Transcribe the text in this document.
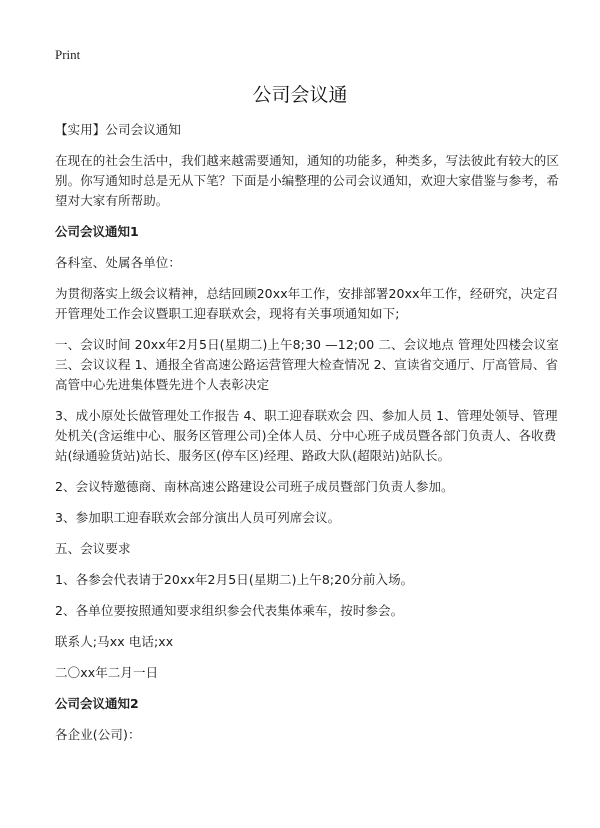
Print
公司会议通

【实用】公司会议通知

在现在的社会生活中，我们越来越需要通知，通知的功能多，种类多，写法彼此有较大的区别。你写通知时总是无从下笔？下面是小编整理的公司会议通知，欢迎大家借鉴与参考，希望对大家有所帮助。

公司会议通知1

各科室、处属各单位：

为贯彻落实上级会议精神，总结回顾20xx年工作，安排部署20xx年工作，经研究，决定召开管理处工作会议暨职工迎春联欢会，现将有关事项通知如下;

一、会议时间 20xx年2月5日(星期二)上午8;30 —12;00 二、会议地点 管理处四楼会议室 三、会议议程 1、通报全省高速公路运营管理大检查情况 2、宣读省交通厅、厅高管局、省高管中心先进集体暨先进个人表彰决定

3、成小原处长做管理处工作报告 4、职工迎春联欢会 四、参加人员 1、管理处领导、管理处机关(含运维中心、服务区管理公司)全体人员、分中心班子成员暨各部门负责人、各收费站(绿通验货站)站长、服务区(停车区)经理、路政大队(超限站)站队长。

2、会议特邀德商、南林高速公路建设公司班子成员暨部门负责人参加。

3、参加职工迎春联欢会部分演出人员可列席会议。

五、会议要求

1、各参会代表请于20xx年2月5日(星期二)上午8;20分前入场。

2、各单位要按照通知要求组织参会代表集体乘车，按时参会。

联系人;马xx 电话;xx

二〇xx年二月一日

公司会议通知2

各企业(公司)：
